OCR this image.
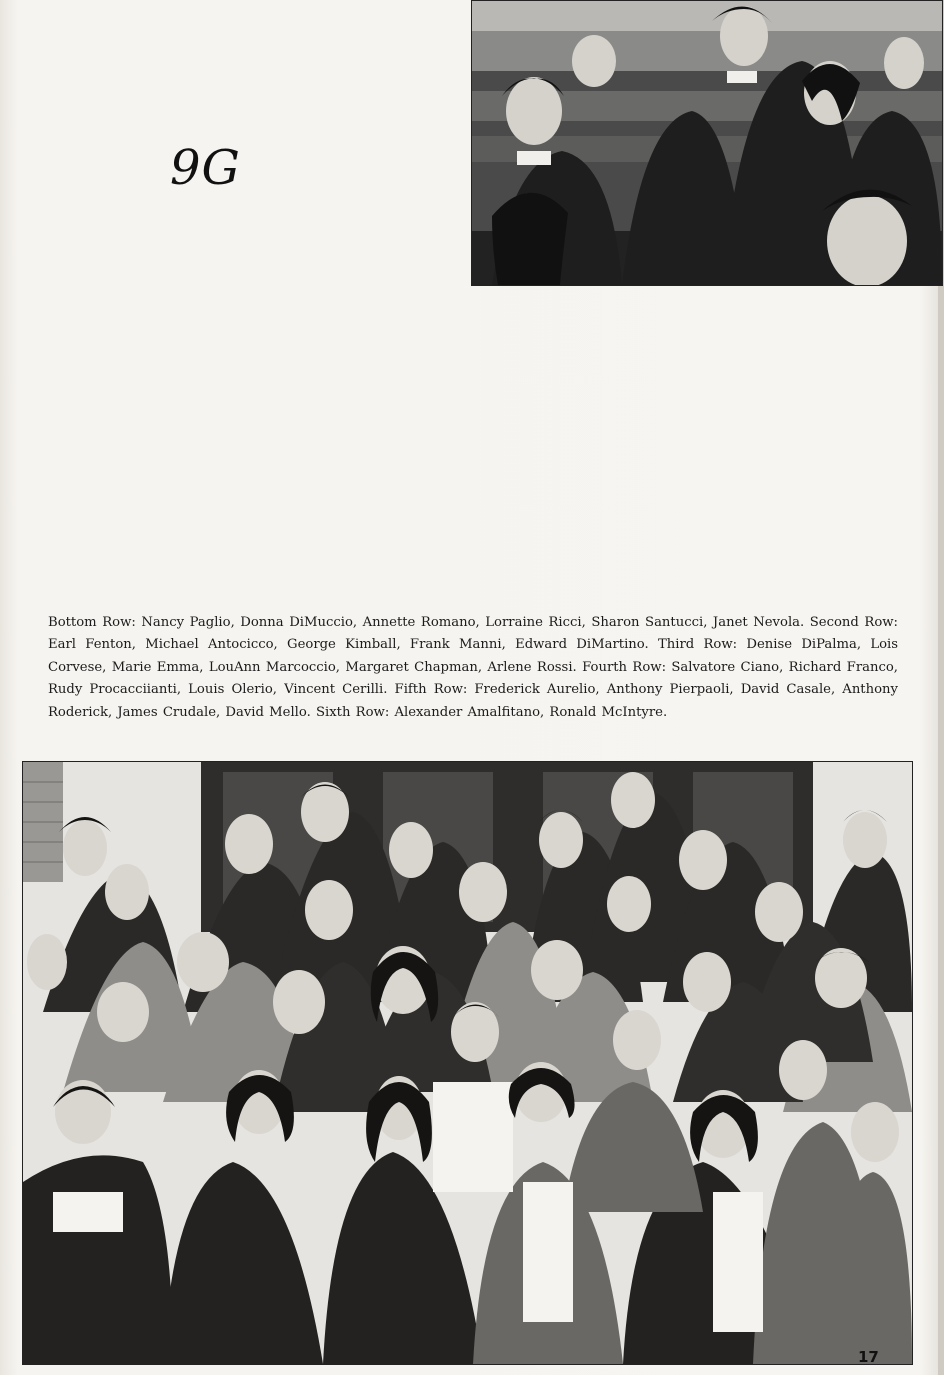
9G
Bottom Row: Nancy Paglio, Donna DiMuccio, Annette Romano, Lorraine Ricci, Sharon Santucci, Janet Nevola. Second Row: Earl Fenton, Michael Antocicco, George Kimball, Frank Manni, Edward DiMartino. Third Row: Denise DiPalma, Lois Corvese, Marie Emma, LouAnn Marcoccio, Margaret Chapman, Arlene Rossi. Fourth Row: Salvatore Ciano, Richard Franco, Rudy Procacciianti, Louis Olerio, Vincent Cerilli. Fifth Row: Frederick Aurelio, Anthony Pierpaoli, David Casale, Anthony Roderick, James Crudale, David Mello. Sixth Row: Alexander Amalfitano, Ronald McIntyre.
17
